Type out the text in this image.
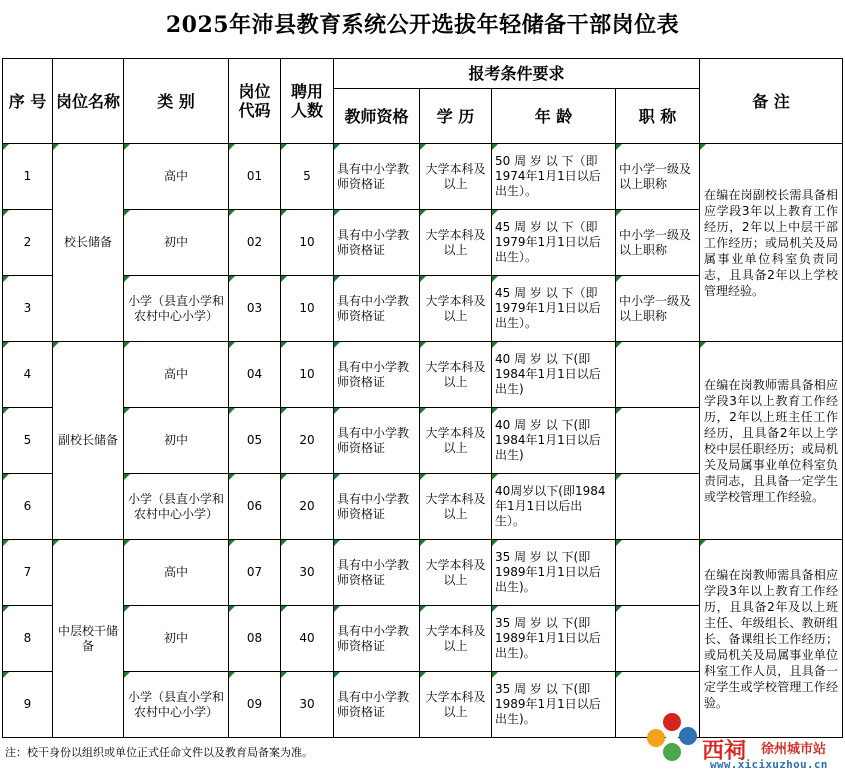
2025年沛县教育系统公开选拔年轻储备干部岗位表
序 号	岗位名称	类 别	岗位代码	聘用人数	报考条件要求				备 注
					教师资格	学 历	年 龄	职 称	
1	校长储备	高中	01	5	具有中小学教师资格证	大学本科及以上	50 周 岁 以 下（即1974年1月1日以后出生）。	中小学一级及以上职称	在编在岗副校长需具备相应学段3年以上教育工作经历，2年以上中层干部工作经历；或局机关及局属事业单位科室负责同志，且具备2年以上学校管理经验。
2		初中	02	10	具有中小学教师资格证	大学本科及以上	45 周 岁 以 下（即1979年1月1日以后出生）。	中小学一级及以上职称	
3		小学（县直小学和农村中心小学）	03	10	具有中小学教师资格证	大学本科及以上	45 周 岁 以 下（即1979年1月1日以后出生）。	中小学一级及以上职称	
4	副校长储备	高中	04	10	具有中小学教师资格证	大学本科及以上	40 周 岁 以 下(即1984年1月1日以后出生)		在编在岗教师需具备相应学段3年以上教育工作经历，2年以上班主任工作经历，且具备2年以上学校中层任职经历；或局机关及局属事业单位科室负责同志，且具备一定学生或学校管理工作经验。
5		初中	05	20	具有中小学教师资格证	大学本科及以上	40 周 岁 以 下(即1984年1月1日以后出生)		
6		小学（县直小学和农村中心小学）	06	20	具有中小学教师资格证	大学本科及以上	40周岁以下(即1984年1月1日以后出生）。		
7	中层校干储备	高中	07	30	具有中小学教师资格证	大学本科及以上	35 周 岁 以 下(即1989年1月1日以后出生)。		在编在岗教师需具备相应学段3年以上教育工作经历，且具备2年及以上班主任、年级组长、教研组长、备课组长工作经历；或局机关及局属事业单位科室工作人员，且具备一定学生或学校管理工作经验。
8		初中	08	40	具有中小学教师资格证	大学本科及以上	35 周 岁 以 下(即1989年1月1日以后出生)。		
9		小学（县直小学和农村中心小学）	09	30	具有中小学教师资格证	大学本科及以上	35 周 岁 以 下(即1989年1月1日以后出生)。		
注：校干身份以组织或单位正式任命文件以及教育局备案为准。	西祠 徐州城市站
www.xicixuzhou.cn
